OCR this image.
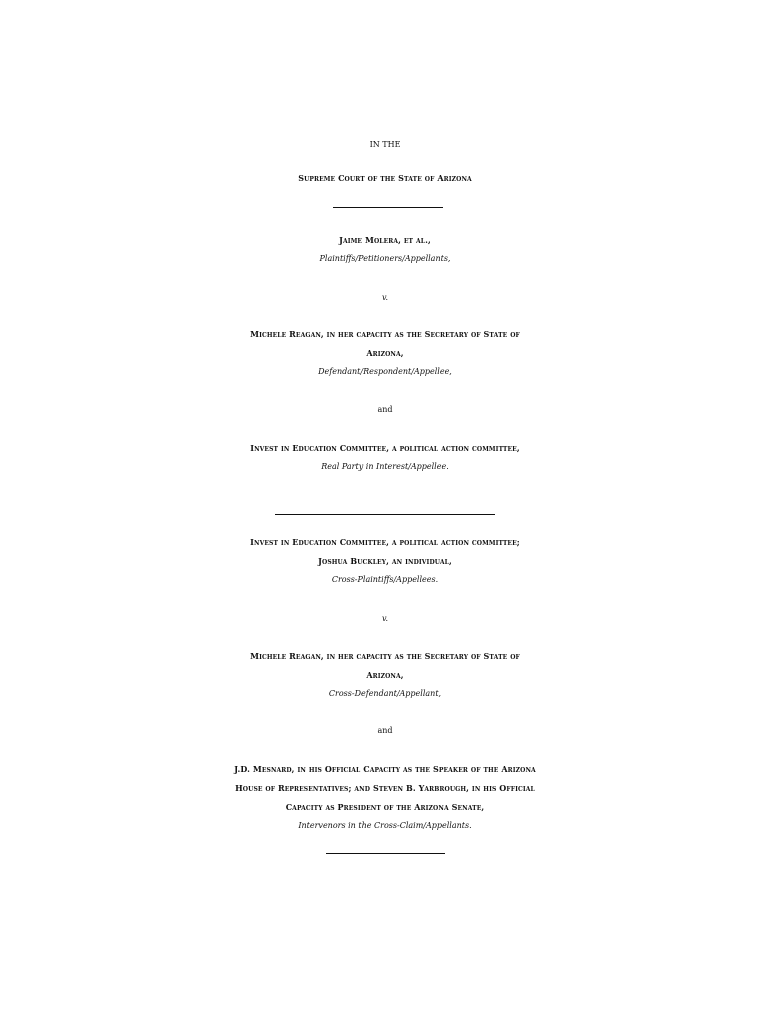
IN THE
Supreme Court of the State of Arizona
Jaime Molera, et al.,
Plaintiffs/Petitioners/Appellants,
v.
Michele Reagan, in her capacity as the Secretary of State of
Arizona,
Defendant/Respondent/Appellee,
and
Invest in Education Committee, a political action committee,
Real Party in Interest/Appellee.
Invest in Education Committee, a political action committee;
Joshua Buckley, an individual,
Cross-Plaintiffs/Appellees.
v.
Michele Reagan, in her capacity as the Secretary of State of
Arizona,
Cross-Defendant/Appellant,
and
J.D. Mesnard, in his Official Capacity as the Speaker of the Arizona
House of Representatives; and Steven B. Yarbrough, in his Official
Capacity as President of the Arizona Senate,
Intervenors in the Cross-Claim/Appellants.
